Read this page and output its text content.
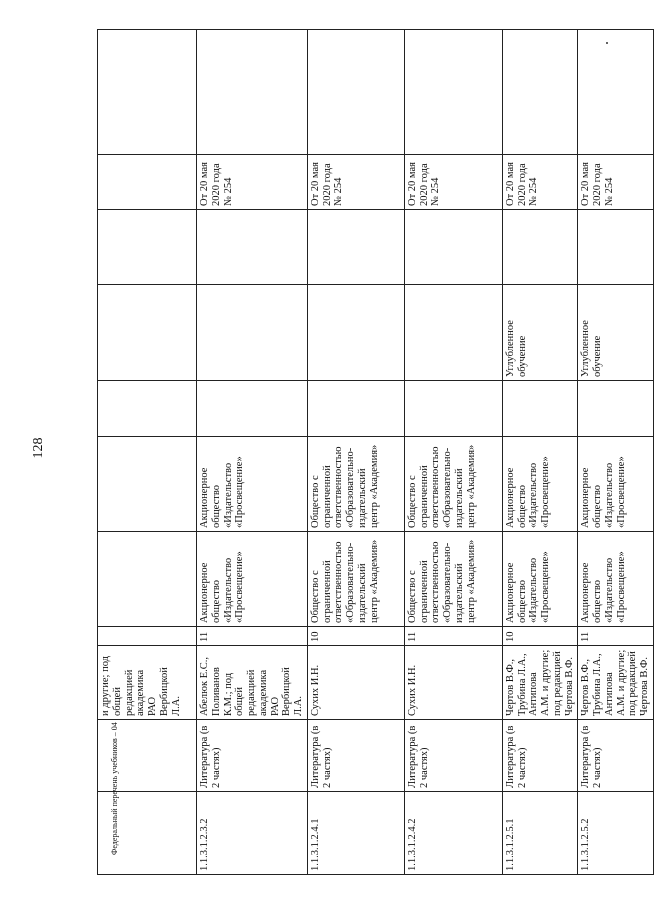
128
Федеральный перечень учебников – 04
		и другие; под общей редакцией академика РАО Вербицкой Л.А.								
1.1.3.1.2.3.2	Литература (в 2 частях)	Абелюк Е.С., Поливанов К.М.; под общей редакцией академика РАО Вербицкой Л.А.	11	Акционерное общество «Издательство «Просвещение»	Акционерное общество «Издательство «Просвещение»				От 20 мая 2020 года № 254	
1.1.3.1.2.4.1	Литература (в 2 частях)	Сухих И.Н.	10	Общество с ограниченной ответственностью «Образовательно-издательский центр «Академия»	Общество с ограниченной ответственностью «Образовательно-издательский центр «Академия»				От 20 мая 2020 года № 254	
1.1.3.1.2.4.2	Литература (в 2 частях)	Сухих И.Н.	11	Общество с ограниченной ответственностью «Образовательно-издательский центр «Академия»	Общество с ограниченной ответственностью «Образовательно-издательский центр «Академия»				От 20 мая 2020 года № 254	
1.1.3.1.2.5.1	Литература (в 2 частях)	Чертов В.Ф., Трубина Л.А., Антипова А.М. и другие; под редакцией Чертова В.Ф.	10	Акционерное общество «Издательство «Просвещение»	Акционерное общество «Издательство «Просвещение»		Углубленное обучение		От 20 мая 2020 года № 254	
1.1.3.1.2.5.2	Литература (в 2 частях)	Чертов В.Ф., Трубина Л.А., Антипова А.М. и другие; под редакцией Чертова В.Ф.	11	Акционерное общество «Издательство «Просвещение»	Акционерное общество «Издательство «Просвещение»		Углубленное обучение		От 20 мая 2020 года № 254	
